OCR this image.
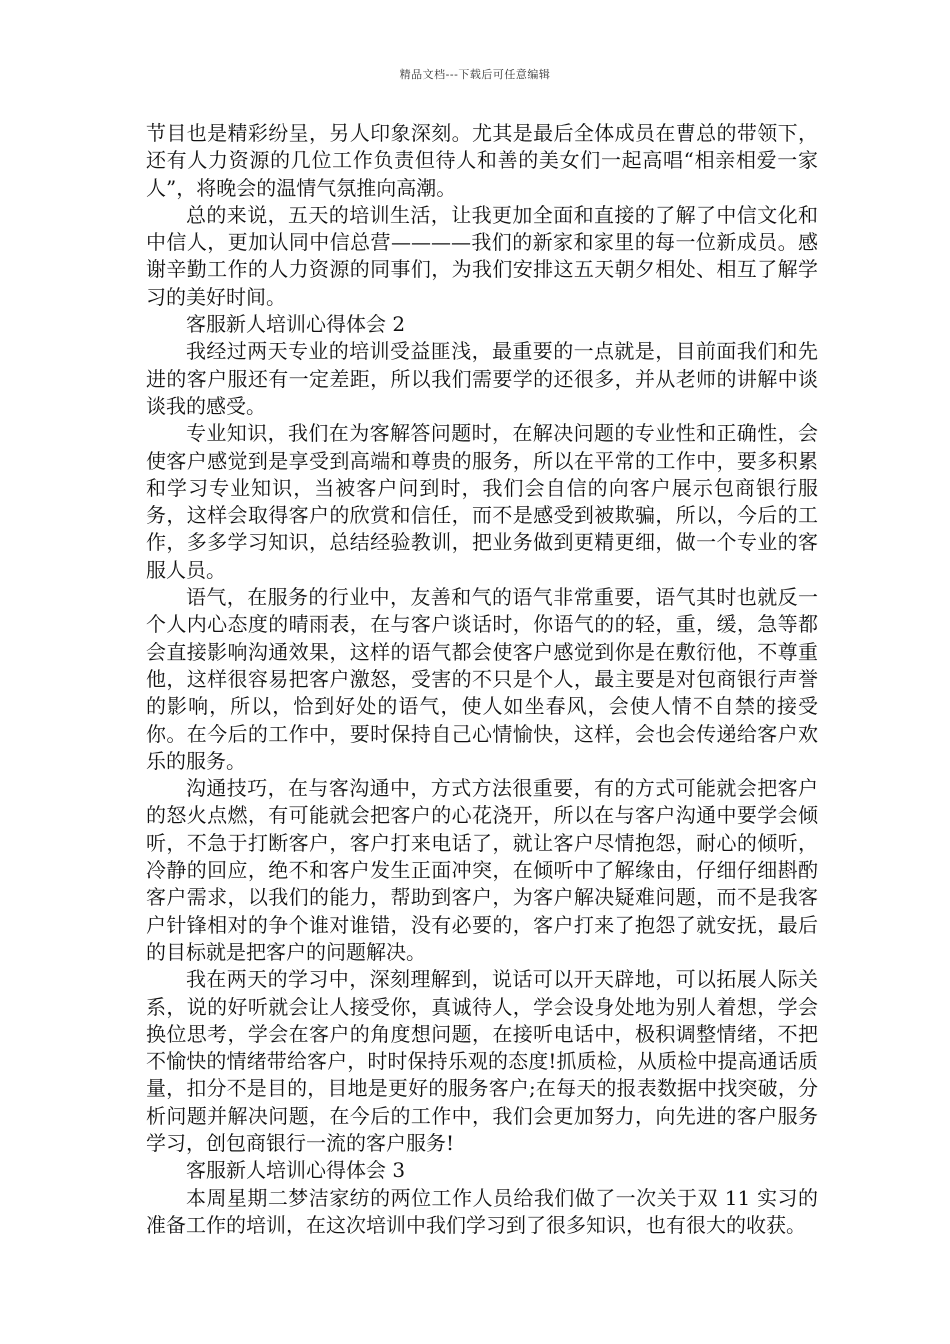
精品文档---下载后可任意编辑

节目也是精彩纷呈，另人印象深刻。尤其是最后全体成员在曹总的带领下，还有人力资源的几位工作负责但待人和善的美女们一起高唱“相亲相爱一家人”，将晚会的温情气氛推向高潮。

总的来说，五天的培训生活，让我更加全面和直接的了解了中信文化和中信人，更加认同中信总营————我们的新家和家里的每一位新成员。感谢辛勤工作的人力资源的同事们，为我们安排这五天朝夕相处、相互了解学习的美好时间。

客服新人培训心得体会 2

我经过两天专业的培训受益匪浅，最重要的一点就是，目前面我们和先进的客户服还有一定差距，所以我们需要学的还很多，并从老师的讲解中谈谈我的感受。

专业知识，我们在为客解答问题时，在解决问题的专业性和正确性，会使客户感觉到是享受到高端和尊贵的服务，所以在平常的工作中，要多积累和学习专业知识，当被客户问到时，我们会自信的向客户展示包商银行服务，这样会取得客户的欣赏和信任，而不是感受到被欺骗，所以，今后的工作，多多学习知识，总结经验教训，把业务做到更精更细，做一个专业的客服人员。

语气，在服务的行业中，友善和气的语气非常重要，语气其时也就反一个人内心态度的晴雨表，在与客户谈话时，你语气的的轻，重，缓，急等都会直接影响沟通效果，这样的语气都会使客户感觉到你是在敷衍他，不尊重他，这样很容易把客户激怒，受害的不只是个人，最主要是对包商银行声誉的影响，所以，恰到好处的语气，使人如坐春风，会使人情不自禁的接受你。在今后的工作中，要时保持自己心情愉快，这样，会也会传递给客户欢乐的服务。

沟通技巧，在与客沟通中，方式方法很重要，有的方式可能就会把客户的怒火点燃，有可能就会把客户的心花浇开，所以在与客户沟通中要学会倾听，不急于打断客户，客户打来电话了，就让客户尽情抱怨，耐心的倾听，冷静的回应，绝不和客户发生正面冲突，在倾听中了解缘由，仔细仔细斟酌客户需求，以我们的能力，帮助到客户，为客户解决疑难问题，而不是我客户针锋相对的争个谁对谁错，没有必要的，客户打来了抱怨了就安抚，最后的目标就是把客户的问题解决。

我在两天的学习中，深刻理解到，说话可以开天辟地，可以拓展人际关系，说的好听就会让人接受你，真诚待人，学会设身处地为别人着想，学会换位思考，学会在客户的角度想问题，在接听电话中，极积调整情绪，不把不愉快的情绪带给客户，时时保持乐观的态度!抓质检，从质检中提高通话质量，扣分不是目的，目地是更好的服务客户;在每天的报表数据中找突破，分析问题并解决问题，在今后的工作中，我们会更加努力，向先进的客户服务学习，创包商银行一流的客户服务!

客服新人培训心得体会 3

本周星期二梦洁家纺的两位工作人员给我们做了一次关于双 11 实习的准备工作的培训，在这次培训中我们学习到了很多知识，也有很大的收获。
